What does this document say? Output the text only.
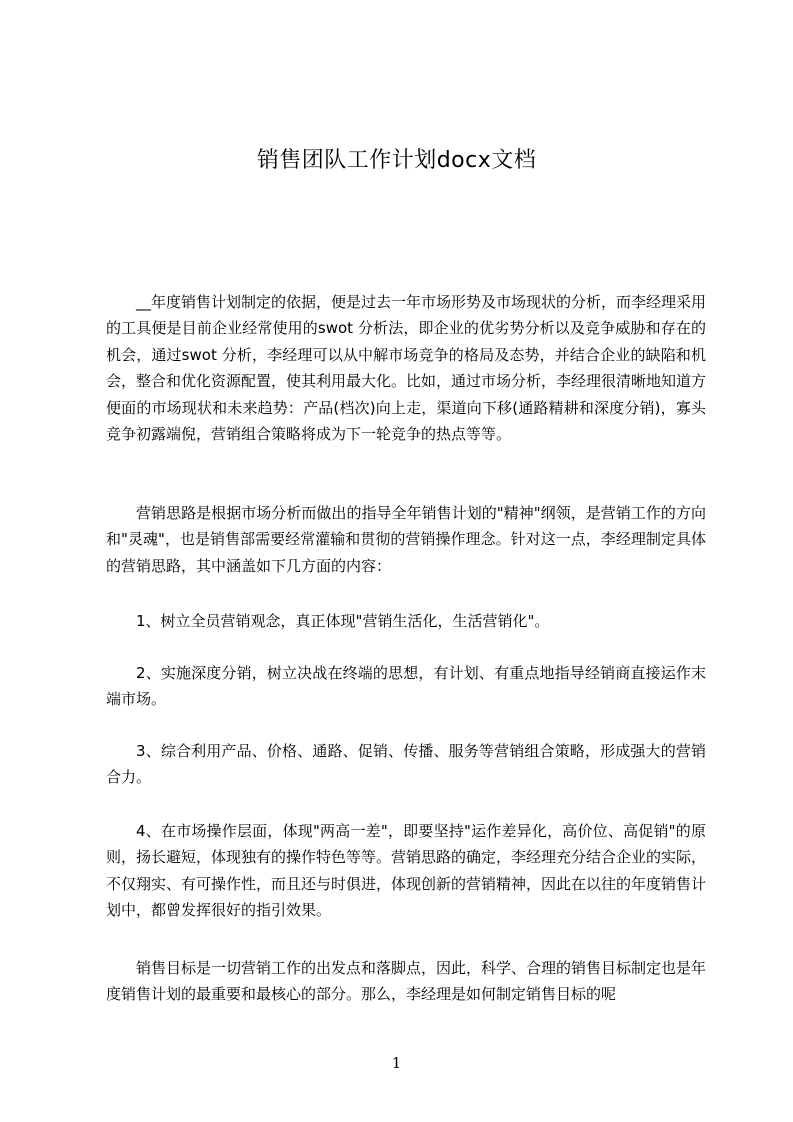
销售团队工作计划docx文档

__年度销售计划制定的依据，便是过去一年市场形势及市场现状的分析，而李经理采用的工具便是目前企业经常使用的swot 分析法，即企业的优劣势分析以及竞争威胁和存在的机会，通过swot 分析，李经理可以从中解市场竞争的格局及态势，并结合企业的缺陷和机会，整合和优化资源配置，使其利用最大化。比如，通过市场分析，李经理很清晰地知道方便面的市场现状和未来趋势：产品(档次)向上走，渠道向下移(通路精耕和深度分销)，寡头竞争初露端倪，营销组合策略将成为下一轮竞争的热点等等。

营销思路是根据市场分析而做出的指导全年销售计划的"精神"纲领，是营销工作的方向和"灵魂"，也是销售部需要经常灌输和贯彻的营销操作理念。针对这一点，李经理制定具体的营销思路，其中涵盖如下几方面的内容：

1、树立全员营销观念，真正体现"营销生活化，生活营销化"。

2、实施深度分销，树立决战在终端的思想，有计划、有重点地指导经销商直接运作末端市场。

3、综合利用产品、价格、通路、促销、传播、服务等营销组合策略，形成强大的营销合力。

4、在市场操作层面，体现"两高一差"，即要坚持"运作差异化，高价位、高促销"的原则，扬长避短，体现独有的操作特色等等。营销思路的确定，李经理充分结合企业的实际，不仅翔实、有可操作性，而且还与时俱进，体现创新的营销精神，因此在以往的年度销售计划中，都曾发挥很好的指引效果。

销售目标是一切营销工作的出发点和落脚点，因此，科学、合理的销售目标制定也是年度销售计划的最重要和最核心的部分。那么，李经理是如何制定销售目标的呢

1
